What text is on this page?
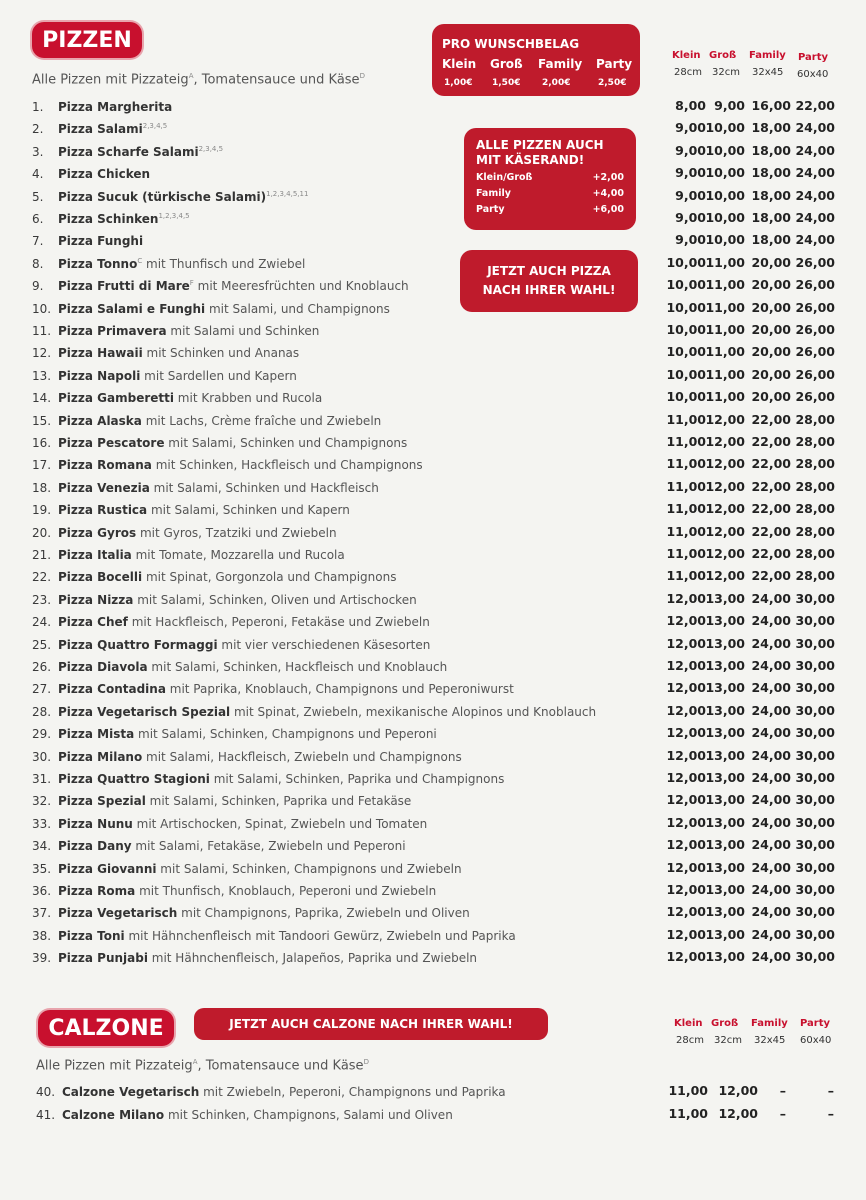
PIZZEN
Alle Pizzen mit Pizzateig$^A$, Tomatensauce und Käse$^D$
PRO WUNSCHBELAG
Klein Groß Family Party
1,00€ 1,50€ 2,00€	2,50€
ALLE PIZZEN AUCH MIT KÄSERAND!
Klein/Groß	+2,00
Family	+4,00
Party	+6,00
JETZT AUCH PIZZA
NACH IHRER WAHL!
Klein Groß Family Party
28cm 32cm 32x45 60x40
1.	Pizza Margherita	8,00 9,00 16,00 22,00
2.	Pizza Salami$^{2,3,4,5}$	9,00 10,00 18,00 24,00
3.	Pizza Scharfe Salami$^{2,3,4,5}$	9,00 10,00 18,00 24,00
4.	Pizza Chicken	9,00 10,00 18,00 24,00
5.	Pizza Sucuk (türkische Salami)$^{1,2,3,4,5,11}$	9,00 10,00 18,00 24,00
6.	Pizza Schinken$^{1,2,3,4,5}$	9,00 10,00 18,00 24,00
7.	Pizza Funghi	9,00 10,00 18,00 24,00
8.	Pizza Tonno$^C$ mit Thunfisch und Zwiebel	10,00 11,00 20,00 26,00
9.	Pizza Frutti di Mare$^F$ mit Meeresfrüchten und Knoblauch	10,00 11,00 20,00 26,00
10. Pizza Salami e Funghi mit Salami, und Champignons	10,00 11,00 20,00 26,00
11. Pizza Primavera mit Salami und Schinken	10,00 11,00 20,00 26,00
12. Pizza Hawaii mit Schinken und Ananas	10,00 11,00 20,00 26,00
13. Pizza Napoli mit Sardellen und Kapern	10,00 11,00 20,00 26,00
14. Pizza Gamberetti mit Krabben und Rucola	10,00 11,00 20,00 26,00
15. Pizza Alaska mit Lachs, Crème fraîche und Zwiebeln	11,00 12,00 22,00 28,00
16. Pizza Pescatore mit Salami, Schinken und Champignons	11,00 12,00 22,00 28,00
17. Pizza Romana mit Schinken, Hackfleisch und Champignons	11,00 12,00 22,00 28,00
18. Pizza Venezia mit Salami, Schinken und Hackfleisch	11,00 12,00 22,00 28,00
19. Pizza Rustica mit Salami, Schinken und Kapern	11,00 12,00 22,00 28,00
20. Pizza Gyros mit Gyros, Tzatziki und Zwiebeln	11,00 12,00 22,00 28,00
21. Pizza Italia mit Tomate, Mozzarella und Rucola	11,00 12,00 22,00 28,00
22. Pizza Bocelli mit Spinat, Gorgonzola und Champignons	11,00 12,00 22,00 28,00
23. Pizza Nizza mit Salami, Schinken, Oliven und Artischocken	12,00 13,00 24,00 30,00
24. Pizza Chef mit Hackfleisch, Peperoni, Fetakäse und Zwiebeln	12,00 13,00 24,00 30,00
25. Pizza Quattro Formaggi mit vier verschiedenen Käsesorten	12,00 13,00 24,00 30,00
26. Pizza Diavola mit Salami, Schinken, Hackfleisch und Knoblauch	12,00 13,00 24,00 30,00
27. Pizza Contadina mit Paprika, Knoblauch, Champignons und Peperoniwurst	12,00 13,00 24,00 30,00
28. Pizza Vegetarisch Spezial mit Spinat, Zwiebeln, mexikanische Alopinos und Knoblauch	12,00 13,00 24,00 30,00
29. Pizza Mista mit Salami, Schinken, Champignons und Peperoni	12,00 13,00 24,00 30,00
30. Pizza Milano mit Salami, Hackfleisch, Zwiebeln und Champignons	12,00 13,00 24,00 30,00
31. Pizza Quattro Stagioni mit Salami, Schinken, Paprika und Champignons	12,00 13,00 24,00 30,00
32. Pizza Spezial mit Salami, Schinken, Paprika und Fetakäse	12,00 13,00 24,00 30,00
33. Pizza Nunu mit Artischocken, Spinat, Zwiebeln und Tomaten	12,00 13,00 24,00 30,00
34. Pizza Dany mit Salami, Fetakäse, Zwiebeln und Peperoni	12,00 13,00 24,00 30,00
35. Pizza Giovanni mit Salami, Schinken, Champignons und Zwiebeln	12,00 13,00 24,00 30,00
36. Pizza Roma mit Thunfisch, Knoblauch, Peperoni und Zwiebeln	12,00 13,00 24,00 30,00
37. Pizza Vegetarisch mit Champignons, Paprika, Zwiebeln und Oliven	12,00 13,00 24,00 30,00
38. Pizza Toni mit Hähnchenfleisch mit Tandoori Gewürz, Zwiebeln und Paprika	12,00 13,00 24,00 30,00
39. Pizza Punjabi mit Hähnchenfleisch, Jalapeños, Paprika und Zwiebeln	12,00 13,00 24,00 30,00
CALZONE	JETZT AUCH CALZONE NACH IHRER WAHL!	Klein Groß Family Party
28cm 32cm 32x45 60x40
Alle Pizzen mit Pizzateig$^A$, Tomatensauce und Käse$^D$
40. Calzone Vegetarisch mit Zwiebeln, Peperoni, Champignons und Paprika	11,00 12,00	–	–
41. Calzone Milano mit Schinken, Champignons, Salami und Oliven	11,00 12,00	–	–
